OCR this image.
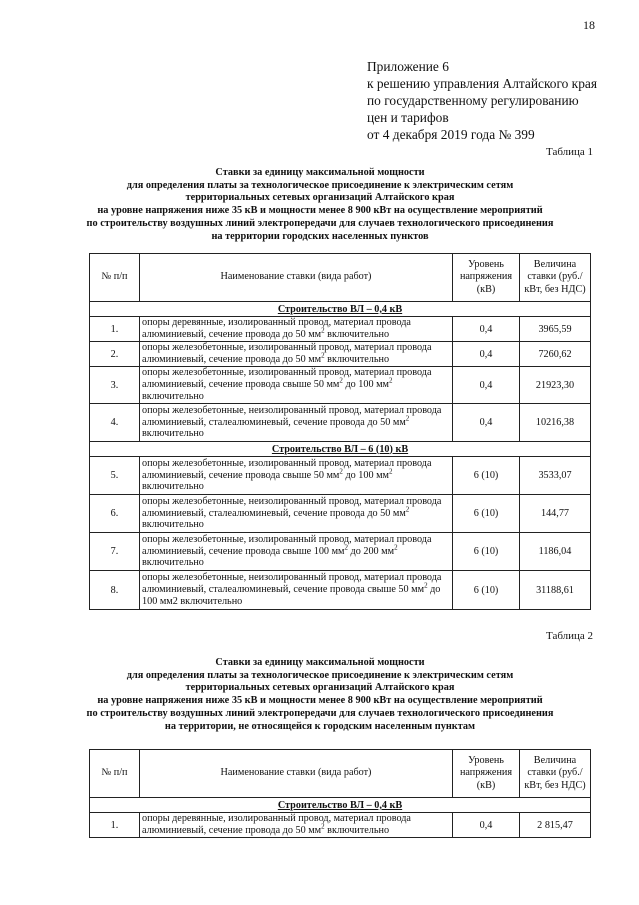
18
Приложение 6
к решению управления Алтайского края
по государственному регулированию
цен и тарифов
от 4 декабря 2019 года № 399
Таблица 1
Ставки за единицу максимальной мощности
для определения платы за технологическое присоединение к электрическим сетям
территориальных сетевых организаций Алтайского края
на уровне напряжения ниже 35 кВ и мощности менее 8 900 кВт на осуществление мероприятий
по строительству воздушных линий электропередачи для случаев технологического присоединения
на территории городских населенных пунктов
№ п/п	Наименование ставки (вида работ)	Уровень напряжения (кВ)	Величина ставки (руб./кВт, без НДС)
Строительство ВЛ – 0,4 кВ			
1.	опоры деревянные, изолированный провод, материал провода алюминиевый, сечение провода до 50 $мм^2$ включительно	0,4	3965,59
2.	опоры железобетонные, изолированный провод, материал провода алюминиевый, сечение провода до 50 $мм^2$ включительно	0,4	7260,62
3.	опоры железобетонные, изолированный провод, материал провода алюминиевый, сечение провода свыше 50 $мм^2$ до 100 $мм^2$ включительно	0,4	21923,30
4.	опоры железобетонные, неизолированный провод, материал провода алюминиевый, сталеалюминевый, сечение провода до 50 $мм^2$ включительно	0,4	10216,38
Строительство ВЛ – 6 (10) кВ			
5.	опоры железобетонные, изолированный провод, материал провода алюминиевый, сечение провода свыше 50 $мм^2$ до 100 $мм^2$ включительно	6 (10)	3533,07
6.	опоры железобетонные, неизолированный провод, материал провода алюминиевый, сталеалюминевый, сечение провода до 50 $мм^2$ включительно	6 (10)	144,77
7.	опоры железобетонные, изолированный провод, материал провода алюминиевый, сечение провода свыше 100 $мм^2$ до 200 $мм^2$ включительно	6 (10)	1186,04
8.	опоры железобетонные, неизолированный провод, материал провода алюминиевый, сталеалюминевый, сечение провода свыше 50 $мм^2$ до 100 мм2 включительно	6 (10)	31188,61
Таблица 2
Ставки за единицу максимальной мощности
для определения платы за технологическое присоединение к электрическим сетям
территориальных сетевых организаций Алтайского края
на уровне напряжения ниже 35 кВ и мощности менее 8 900 кВт на осуществление мероприятий
по строительству воздушных линий электропередачи для случаев технологического присоединения
на территории, не относящейся к городским населенным пунктам
№ п/п	Наименование ставки (вида работ)	Уровень напряжения (кВ)	Величина ставки (руб./кВт, без НДС)
Строительство ВЛ – 0,4 кВ			
1.	опоры деревянные, изолированный провод, материал провода алюминиевый, сечение провода до 50 $мм^2$ включительно	0,4	2 815,47
